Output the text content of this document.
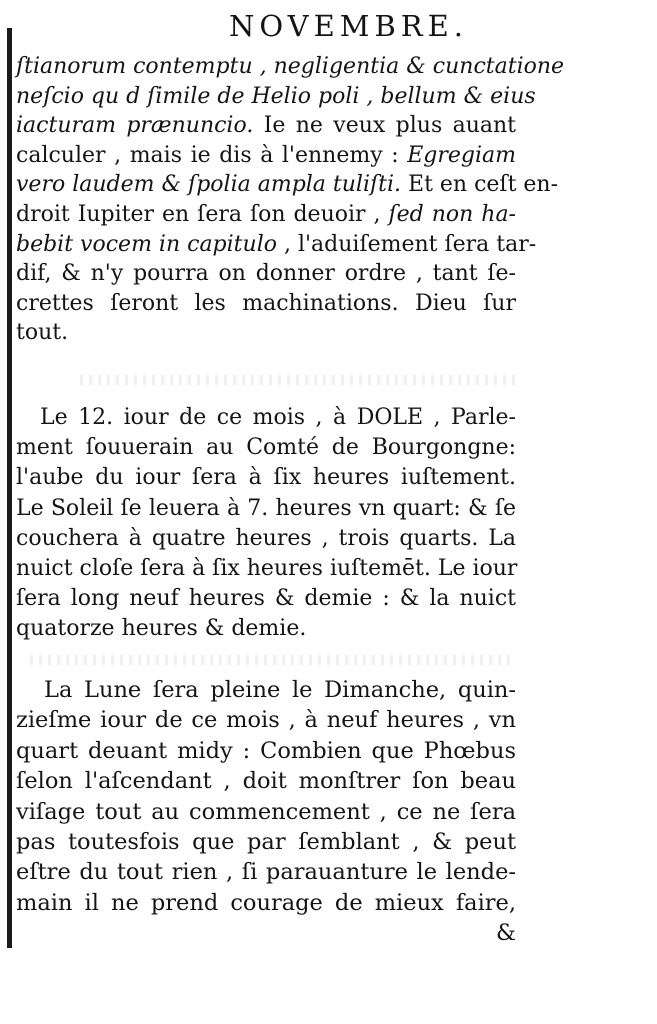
NOVEMBRE.
ſtianorum contemptu , negligentia & cunctatione
neſcio qu d ſimile de Helio poli , bellum & eius
iacturam prænuncio. Ie ne veux plus auant
calculer , mais ie dis à l'ennemy : Egregiam
vero laudem & ſpolia ampla tuliſti. Et en ceſt en-
droit Iupiter en ſera ſon deuoir , ſed non ha-
bebit vocem in capitulo , l'aduiſement ſera tar-
dif, & n'y pourra on donner ordre , tant ſe-
crettes ſeront les machinations. Dieu ſur
tout.
Le 12. iour de ce mois , à DOLE , Parle-
ment ſouuerain au Comté de Bourgongne:
l'aube du iour ſera à ſix heures iuſtement.
Le Soleil ſe leuera à 7. heures vn quart: & ſe
couchera à quatre heures , trois quarts. La
nuict cloſe ſera à ſix heures iuſtemēt. Le iour
ſera long neuf heures & demie : & la nuict
quatorze heures & demie.
La Lune ſera pleine le Dimanche, quin-
zieſme iour de ce mois , à neuf heures , vn
quart deuant midy : Combien que Phœbus
ſelon l'aſcendant , doit monſtrer ſon beau
viſage tout au commencement , ce ne ſera
pas toutesfois que par ſemblant , & peut
eſtre du tout rien , ſi parauanture le lende-
main il ne prend courage de mieux faire,
&
